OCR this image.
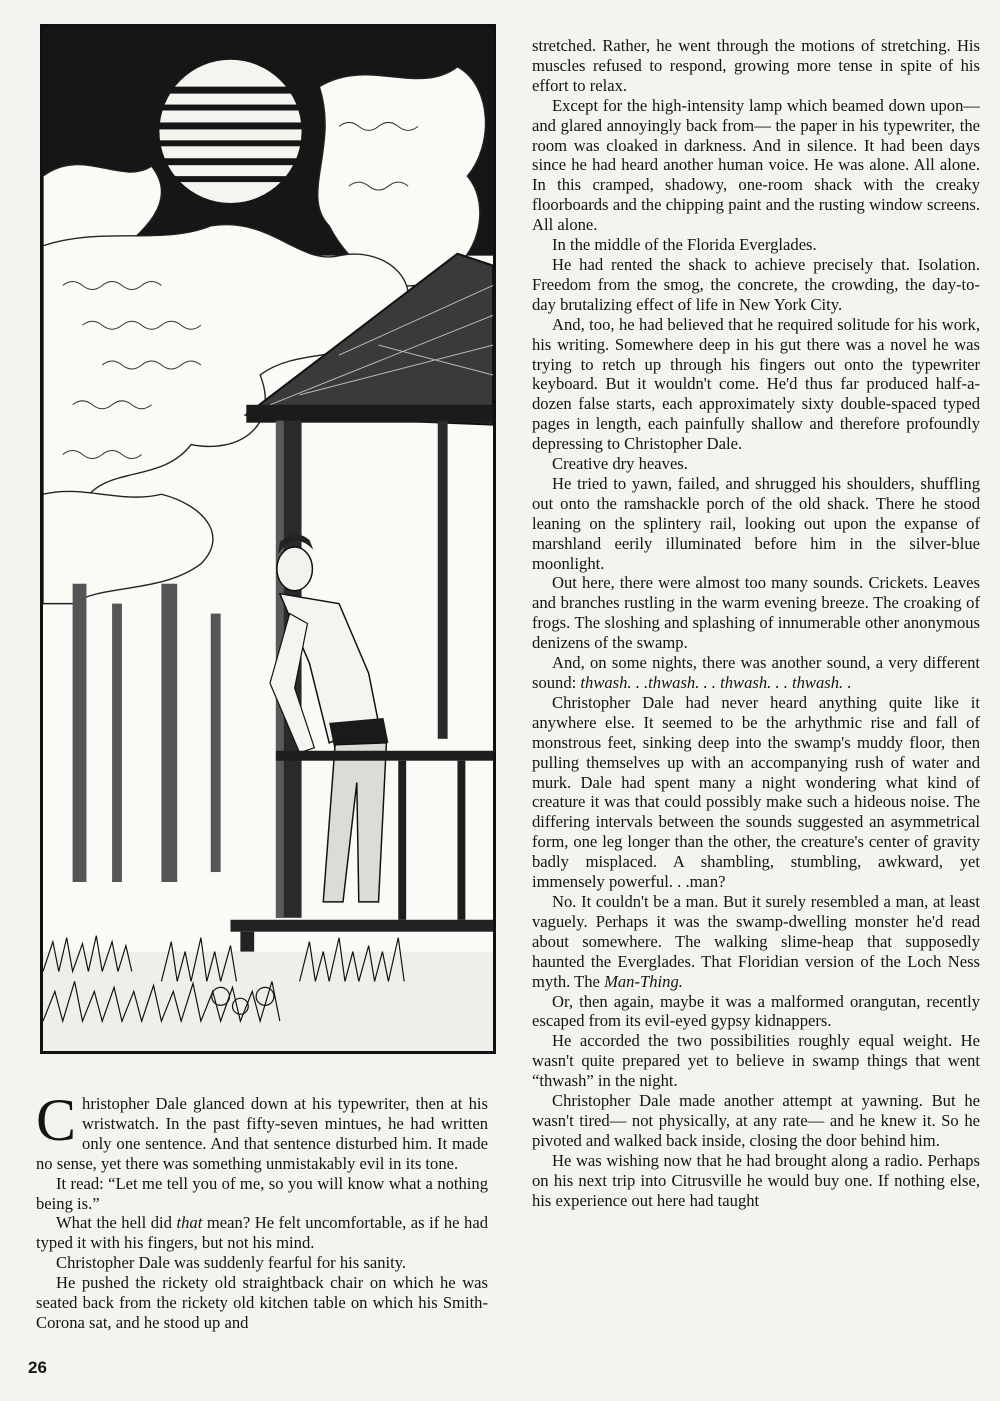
Christopher Dale glanced down at his typewriter, then at his wristwatch. In the past fifty-seven mintues, he had written only one sentence. And that sentence disturbed him. It made no sense, yet there was something unmistakably evil in its tone.

It read: “Let me tell you of me, so you will know what a nothing being is.”

What the hell did that mean? He felt uncomfortable, as if he had typed it with his fingers, but not his mind.

Christopher Dale was suddenly fearful for his sanity.

He pushed the rickety old straightback chair on which he was seated back from the rickety old kitchen table on which his Smith-Corona sat, and he stood up and

stretched. Rather, he went through the motions of stretching. His muscles refused to respond, growing more tense in spite of his effort to relax.

Except for the high-intensity lamp which beamed down upon— and glared annoyingly back from— the paper in his typewriter, the room was cloaked in darkness. And in silence. It had been days since he had heard another human voice. He was alone. All alone. In this cramped, shadowy, one-room shack with the creaky floorboards and the chipping paint and the rusting window screens. All alone.

In the middle of the Florida Everglades.

He had rented the shack to achieve precisely that. Isolation. Freedom from the smog, the concrete, the crowding, the day-to-day brutalizing effect of life in New York City.

And, too, he had believed that he required solitude for his work, his writing. Somewhere deep in his gut there was a novel he was trying to retch up through his fingers out onto the typewriter keyboard. But it wouldn't come. He'd thus far produced half-a-dozen false starts, each approximately sixty double-spaced typed pages in length, each painfully shallow and therefore profoundly depressing to Christopher Dale.

Creative dry heaves.

He tried to yawn, failed, and shrugged his shoulders, shuffling out onto the ramshackle porch of the old shack. There he stood leaning on the splintery rail, looking out upon the expanse of marshland eerily illuminated before him in the silver-blue moonlight.

Out here, there were almost too many sounds. Crickets. Leaves and branches rustling in the warm evening breeze. The croaking of frogs. The sloshing and splashing of innumerable other anonymous denizens of the swamp.

And, on some nights, there was another sound, a very different sound: thwash. . .thwash. . . thwash. . . thwash. .

Christopher Dale had never heard anything quite like it anywhere else. It seemed to be the arhythmic rise and fall of monstrous feet, sinking deep into the swamp's muddy floor, then pulling themselves up with an accompanying rush of water and murk. Dale had spent many a night wondering what kind of creature it was that could possibly make such a hideous noise. The differing intervals between the sounds suggested an asymmetrical form, one leg longer than the other, the creature's center of gravity badly misplaced. A shambling, stumbling, awkward, yet immensely powerful. . .man?

No. It couldn't be a man. But it surely resembled a man, at least vaguely. Perhaps it was the swamp-dwelling monster he'd read about somewhere. The walking slime-heap that supposedly haunted the Everglades. That Floridian version of the Loch Ness myth. The Man-Thing.

Or, then again, maybe it was a malformed orangutan, recently escaped from its evil-eyed gypsy kidnappers.

He accorded the two possibilities roughly equal weight. He wasn't quite prepared yet to believe in swamp things that went “thwash” in the night.

Christopher Dale made another attempt at yawning. But he wasn't tired— not physically, at any rate— and he knew it. So he pivoted and walked back inside, closing the door behind him.

He was wishing now that he had brought along a radio. Perhaps on his next trip into Citrusville he would buy one. If nothing else, his experience out here had taught

26
